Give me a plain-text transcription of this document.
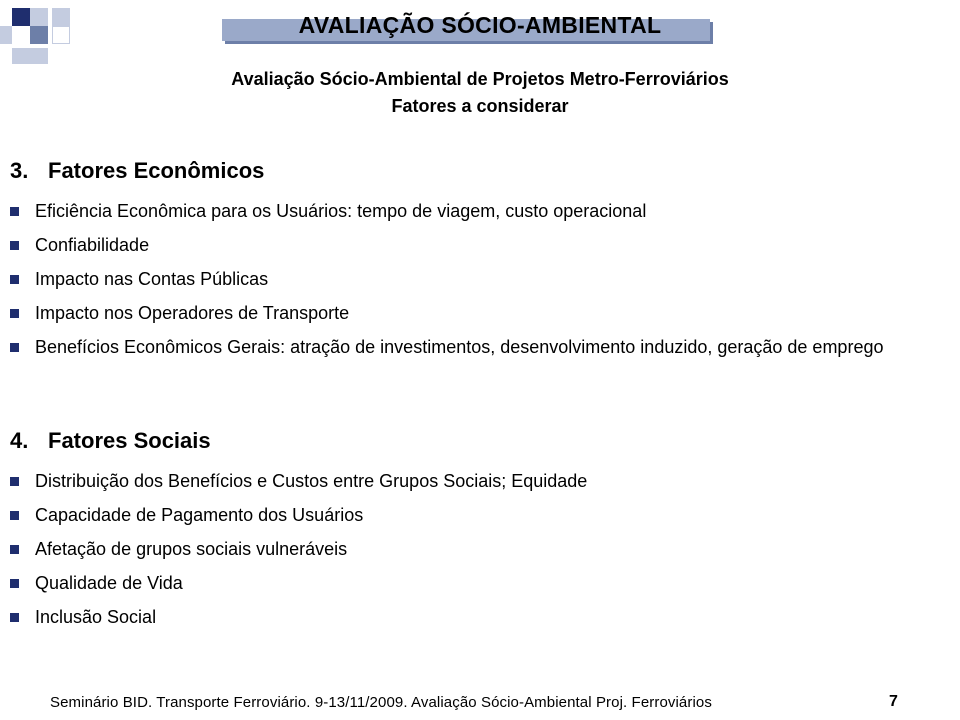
AVALIAÇÃO SÓCIO-AMBIENTAL
Avaliação Sócio-Ambiental de Projetos Metro-Ferroviários
Fatores a considerar
3. Fatores Econômicos
Eficiência Econômica para os Usuários: tempo de viagem, custo operacional
Confiabilidade
Impacto nas Contas Públicas
Impacto nos Operadores de Transporte
Benefícios Econômicos Gerais: atração de investimentos, desenvolvimento induzido, geração de emprego
4. Fatores Sociais
Distribuição dos Benefícios e Custos entre Grupos Sociais; Equidade
Capacidade de Pagamento dos Usuários
Afetação de grupos sociais vulneráveis
Qualidade de Vida
Inclusão Social
Seminário BID. Transporte Ferroviário. 9-13/11/2009. Avaliação Sócio-Ambiental Proj. Ferroviários	7
